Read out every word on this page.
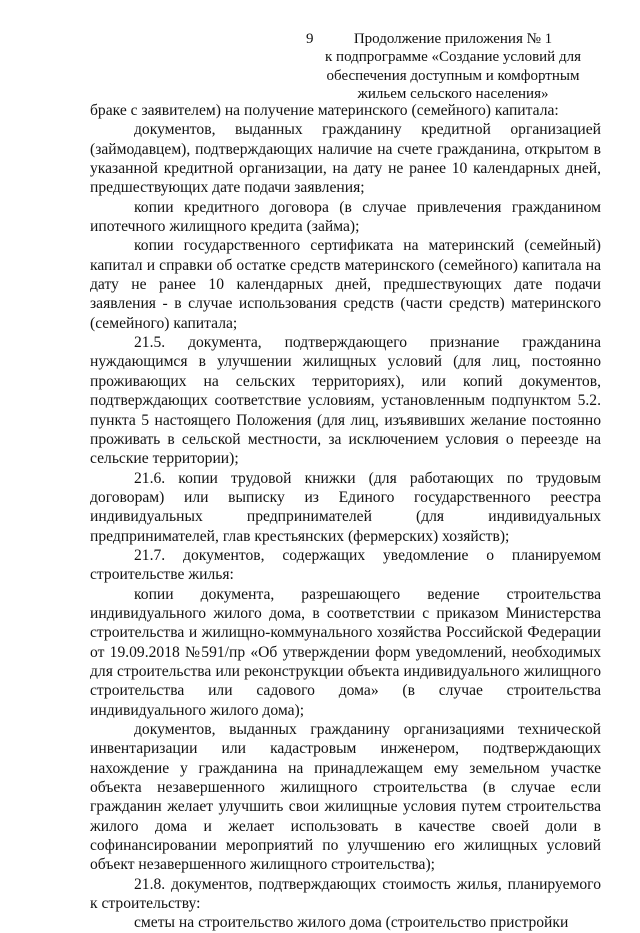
9	Продолжение приложения № 1
к подпрограмме «Создание условий для
обеспечения доступным и комфортным
жильем сельского населения»

браке с заявителем) на получение материнского (семейного) капитала:

документов, выданных гражданину кредитной организацией (займодавцем), подтверждающих наличие на счете гражданина, открытом в указанной кредитной организации, на дату не ранее 10 календарных дней, предшествующих дате подачи заявления;

копии кредитного договора (в случае привлечения гражданином ипотечного жилищного кредита (займа);

копии государственного сертификата на материнский (семейный) капитал и справки об остатке средств материнского (семейного) капитала на дату не ранее 10 календарных дней, предшествующих дате подачи заявления - в случае использования средств (части средств) материнского (семейного) капитала;

21.5. документа, подтверждающего признание гражданина нуждающимся в улучшении жилищных условий (для лиц, постоянно проживающих на сельских территориях), или копий документов, подтверждающих соответствие условиям, установленным подпунктом 5.2. пункта 5 настоящего Положения (для лиц, изъявивших желание постоянно проживать в сельской местности, за исключением условия о переезде на сельские территории);

21.6. копии трудовой книжки (для работающих по трудовым договорам) или выписку из Единого государственного реестра индивидуальных предпринимателей (для индивидуальных предпринимателей, глав крестьянских (фермерских) хозяйств);

21.7. документов, содержащих уведомление о планируемом строительстве жилья:

копии документа, разрешающего ведение строительства индивидуального жилого дома, в соответствии с приказом Министерства строительства и жилищно-коммунального хозяйства Российской Федерации от 19.09.2018 №591/пр «Об утверждении форм уведомлений, необходимых для строительства или реконструкции объекта индивидуального жилищного строительства или садового дома» (в случае строительства индивидуального жилого дома);

документов, выданных гражданину организациями технической инвентаризации или кадастровым инженером, подтверждающих нахождение у гражданина на принадлежащем ему земельном участке объекта незавершенного жилищного строительства (в случае если гражданин желает улучшить свои жилищные условия путем строительства жилого дома и желает использовать в качестве своей доли в софинансировании мероприятий по улучшению его жилищных условий объект незавершенного жилищного строительства);

21.8. документов, подтверждающих стоимость жилья, планируемого к строительству:

сметы на строительство жилого дома (строительство пристройки
